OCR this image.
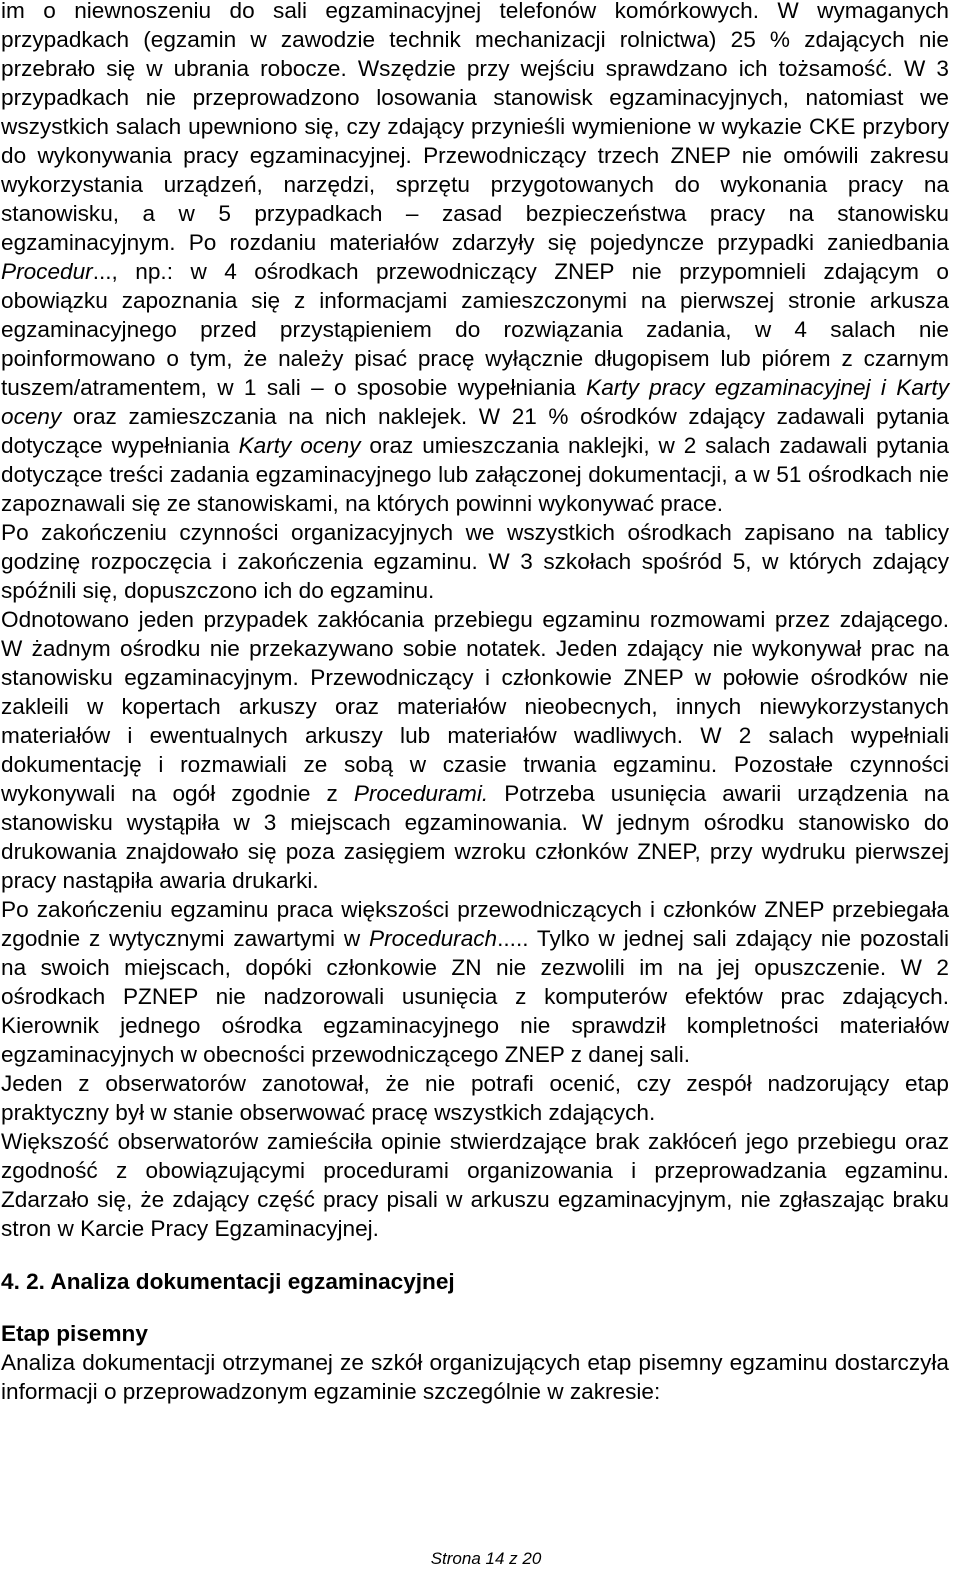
im o niewnoszeniu do sali egzaminacyjnej telefonów komórkowych. W wymaganych przypadkach (egzamin w zawodzie technik mechanizacji rolnictwa) 25 % zdających nie przebrało się w ubrania robocze. Wszędzie przy wejściu sprawdzano ich tożsamość. W 3 przypadkach nie przeprowadzono losowania stanowisk egzaminacyjnych, natomiast we wszystkich salach upewniono się, czy zdający przynieśli wymienione w wykazie CKE przybory do wykonywania pracy egzaminacyjnej. Przewodniczący trzech ZNEP nie omówili zakresu wykorzystania urządzeń, narzędzi, sprzętu przygotowanych do wykonania pracy na stanowisku, a w 5 przypadkach – zasad bezpieczeństwa pracy na stanowisku egzaminacyjnym. Po rozdaniu materiałów zdarzyły się pojedyncze przypadki zaniedbania Procedur..., np.: w 4 ośrodkach przewodniczący ZNEP nie przypomnieli zdającym o obowiązku zapoznania się z informacjami zamieszczonymi na pierwszej stronie arkusza egzaminacyjnego przed przystąpieniem do rozwiązania zadania, w 4 salach nie poinformowano o tym, że należy pisać pracę wyłącznie długopisem lub piórem z czarnym tuszem/atramentem, w 1 sali – o sposobie wypełniania Karty pracy egzaminacyjnej i Karty oceny oraz zamieszczania na nich naklejek. W 21 % ośrodków zdający zadawali pytania dotyczące wypełniania Karty oceny oraz umieszczania naklejki, w 2 salach zadawali pytania dotyczące treści zadania egzaminacyjnego lub załączonej dokumentacji, a w 51 ośrodkach nie zapoznawali się ze stanowiskami, na których powinni wykonywać prace.

Po zakończeniu czynności organizacyjnych we wszystkich ośrodkach zapisano na tablicy godzinę rozpoczęcia i zakończenia egzaminu. W 3 szkołach spośród 5, w których zdający spóźnili się, dopuszczono ich do egzaminu.

Odnotowano jeden przypadek zakłócania przebiegu egzaminu rozmowami przez zdającego. W żadnym ośrodku nie przekazywano sobie notatek. Jeden zdający nie wykonywał prac na stanowisku egzaminacyjnym. Przewodniczący i członkowie ZNEP w połowie ośrodków nie zakleili w kopertach arkuszy oraz materiałów nieobecnych, innych niewykorzystanych materiałów i ewentualnych arkuszy lub materiałów wadliwych. W 2 salach wypełniali dokumentację i rozmawiali ze sobą w czasie trwania egzaminu. Pozostałe czynności wykonywali na ogół zgodnie z Procedurami. Potrzeba usunięcia awarii urządzenia na stanowisku wystąpiła w 3 miejscach egzaminowania. W jednym ośrodku stanowisko do drukowania znajdowało się poza zasięgiem wzroku członków ZNEP, przy wydruku pierwszej pracy nastąpiła awaria drukarki.

Po zakończeniu egzaminu praca większości przewodniczących i członków ZNEP przebiegała zgodnie z wytycznymi zawartymi w Procedurach..... Tylko w jednej sali zdający nie pozostali na swoich miejscach, dopóki członkowie ZN nie zezwolili im na jej opuszczenie. W 2 ośrodkach PZNEP nie nadzorowali usunięcia z komputerów efektów prac zdających. Kierownik jednego ośrodka egzaminacyjnego nie sprawdził kompletności materiałów egzaminacyjnych w obecności przewodniczącego ZNEP z danej sali.

Jeden z obserwatorów zanotował, że nie potrafi ocenić, czy zespół nadzorujący etap praktyczny był w stanie obserwować pracę wszystkich zdających.

Większość obserwatorów zamieściła opinie stwierdzające brak zakłóceń jego przebiegu oraz zgodność z obowiązującymi procedurami organizowania i przeprowadzania egzaminu. Zdarzało się, że zdający część pracy pisali w arkuszu egzaminacyjnym, nie zgłaszając braku stron w Karcie Pracy Egzaminacyjnej.

4. 2. Analiza dokumentacji egzaminacyjnej
Etap pisemny

Analiza dokumentacji otrzymanej ze szkół organizujących etap pisemny egzaminu dostarczyła informacji o przeprowadzonym egzaminie szczególnie w zakresie:

Strona 14 z 20
